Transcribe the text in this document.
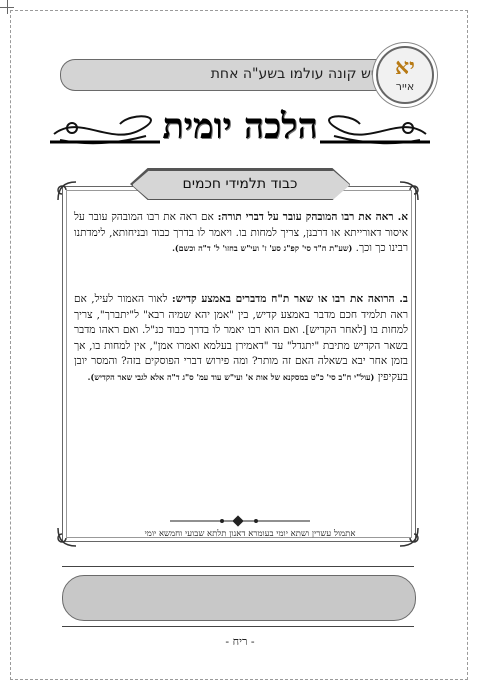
יש קונה עולמו בשע"ה אחת יא
אייר
הלכה יומית
כבוד תלמידי חכמים
א. ראה את רבו המובהק עובר על דברי תורה: אם ראה את רבו המובהק עובר על איסור דאורייתא או דרבנן, צריך למחות בו. ויאמר לו בדרך כבוד ובניחותא, לימדתנו רבינו כך וכך. (שע"ת ח"ד סי' קפ"ג סע' ז' ועי"ש בחזו' ל' ד"ה וכשם).
ב. הרואה את רבו או שאר ת"ח מדברים באמצע קדיש: לאור האמור לעיל, אם ראה תלמיד חכם מדבר באמצע קדיש, בין "אמן יהא שמיה רבא" ל"יתברך", צריך למחות בו [לאחר הקדיש]. ואם הוא רבו יאמר לו בדרך כבוד כנ"ל. ואם ראהו מדבר בשאר הקדיש מתיבת "יתגדל" עד "דאמירן בעלמא ואמרו אמן", אין למחות בו, אך בזמן אחר יבא בשאלה האם זה מותר? ומה פירוש דברי הפוסקים בזה? והמסר יובן בעקיפין (עול"י ח"ב סי' כ"ט במסקנא של אות א' ועי"ש עוד עמ' ס"ג ד"ה אלא לגבי שאר הקדיש).
אתמול עשרין ושתא יומי בעומרא דאנון תלתא שבועי וחמשא יומי
- ריח -
